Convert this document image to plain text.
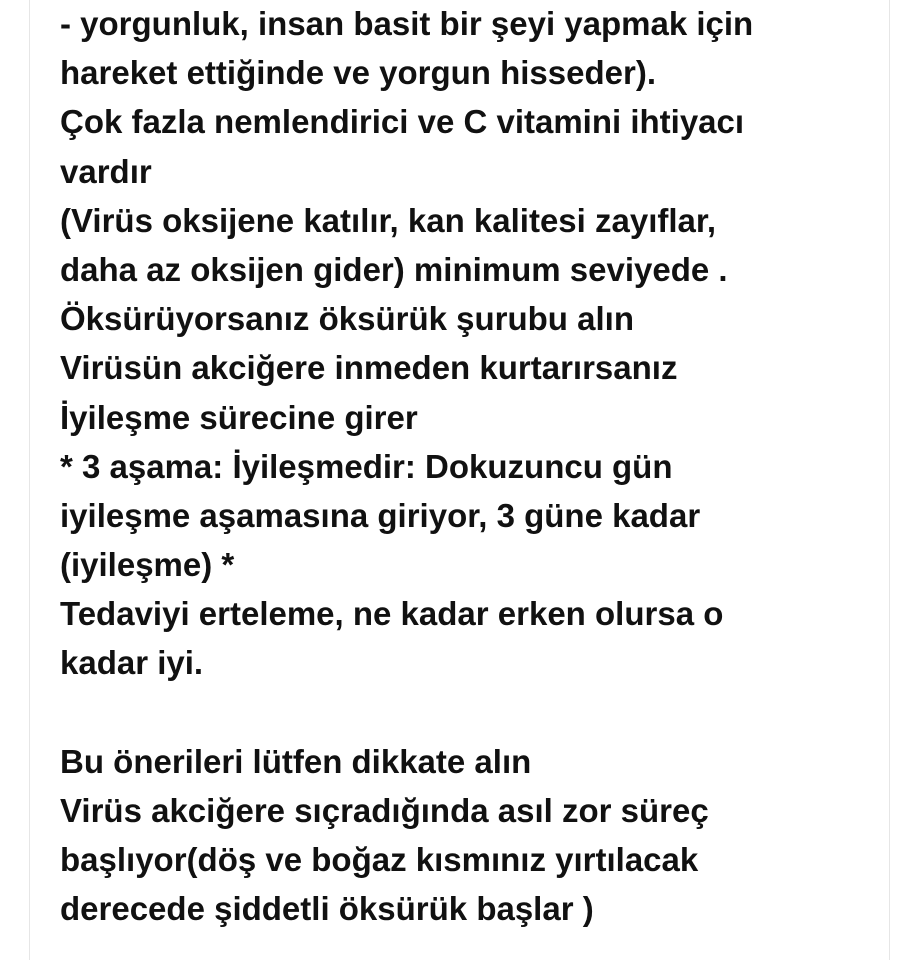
- yorgunluk, insan basit bir şeyi yapmak için
hareket ettiğinde ve yorgun hisseder).
Çok fazla nemlendirici ve C vitamini ihtiyacı
vardır
(Virüs oksijene katılır, kan kalitesi zayıflar,
daha az oksijen gider) minimum seviyede .
Öksürüyorsanız öksürük şurubu alın
Virüsün akciğere inmeden kurtarırsanız
İyileşme sürecine girer
* 3 aşama: İyileşmedir: Dokuzuncu gün
iyileşme aşamasına giriyor, 3 güne kadar
(iyileşme) *
Tedaviyi erteleme, ne kadar erken olursa o
kadar iyi.
Bu önerileri lütfen dikkate alın
Virüs akciğere sıçradığında asıl zor süreç
başlıyor(döş ve boğaz kısmınız yırtılacak
derecede şiddetli öksürük başlar )
